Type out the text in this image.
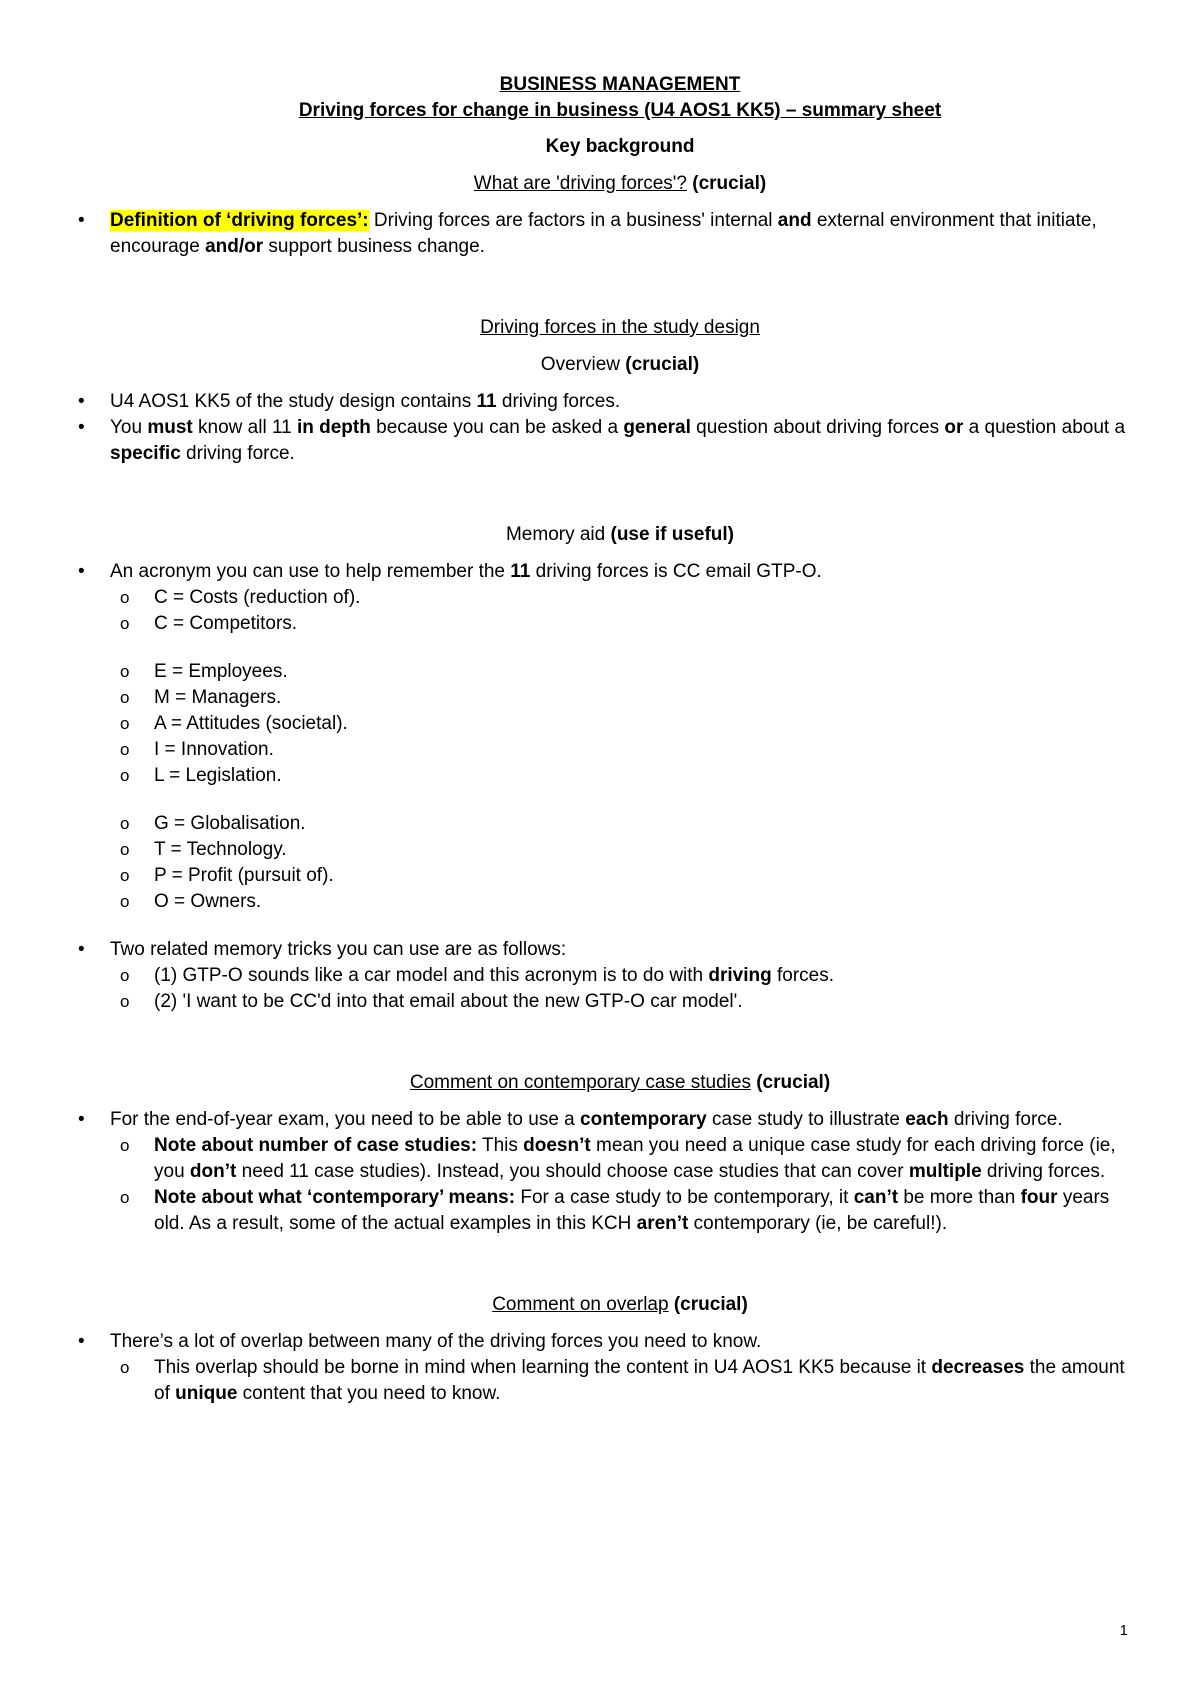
BUSINESS MANAGEMENT

Driving forces for change in business (U4 AOS1 KK5) – summary sheet

Key background

What are 'driving forces'? (crucial)

• Definition of ‘driving forces’: Driving forces are factors in a business' internal and external environment that initiate, encourage and/or support business change.

Driving forces in the study design

Overview (crucial)

• U4 AOS1 KK5 of the study design contains 11 driving forces.
• You must know all 11 in depth because you can be asked a general question about driving forces or a question about a specific driving force.

Memory aid (use if useful)

• An acronym you can use to help remember the 11 driving forces is CC email GTP-O.
o C = Costs (reduction of).
o C = Competitors.
o E = Employees.
o M = Managers.
o A = Attitudes (societal).
o I = Innovation.
o L = Legislation.
o G = Globalisation.
o T = Technology.
o P = Profit (pursuit of).
o O = Owners.
• Two related memory tricks you can use are as follows:
o (1) GTP-O sounds like a car model and this acronym is to do with driving forces.
o (2) 'I want to be CC'd into that email about the new GTP-O car model'.

Comment on contemporary case studies (crucial)

• For the end-of-year exam, you need to be able to use a contemporary case study to illustrate each driving force.
o Note about number of case studies: This doesn’t mean you need a unique case study for each driving force (ie, you don’t need 11 case studies). Instead, you should choose case studies that can cover multiple driving forces.
o Note about what ‘contemporary’ means: For a case study to be contemporary, it can’t be more than four years old. As a result, some of the actual examples in this KCH aren’t contemporary (ie, be careful!).

Comment on overlap (crucial)

• There’s a lot of overlap between many of the driving forces you need to know.
o This overlap should be borne in mind when learning the content in U4 AOS1 KK5 because it decreases the amount of unique content that you need to know.
1
